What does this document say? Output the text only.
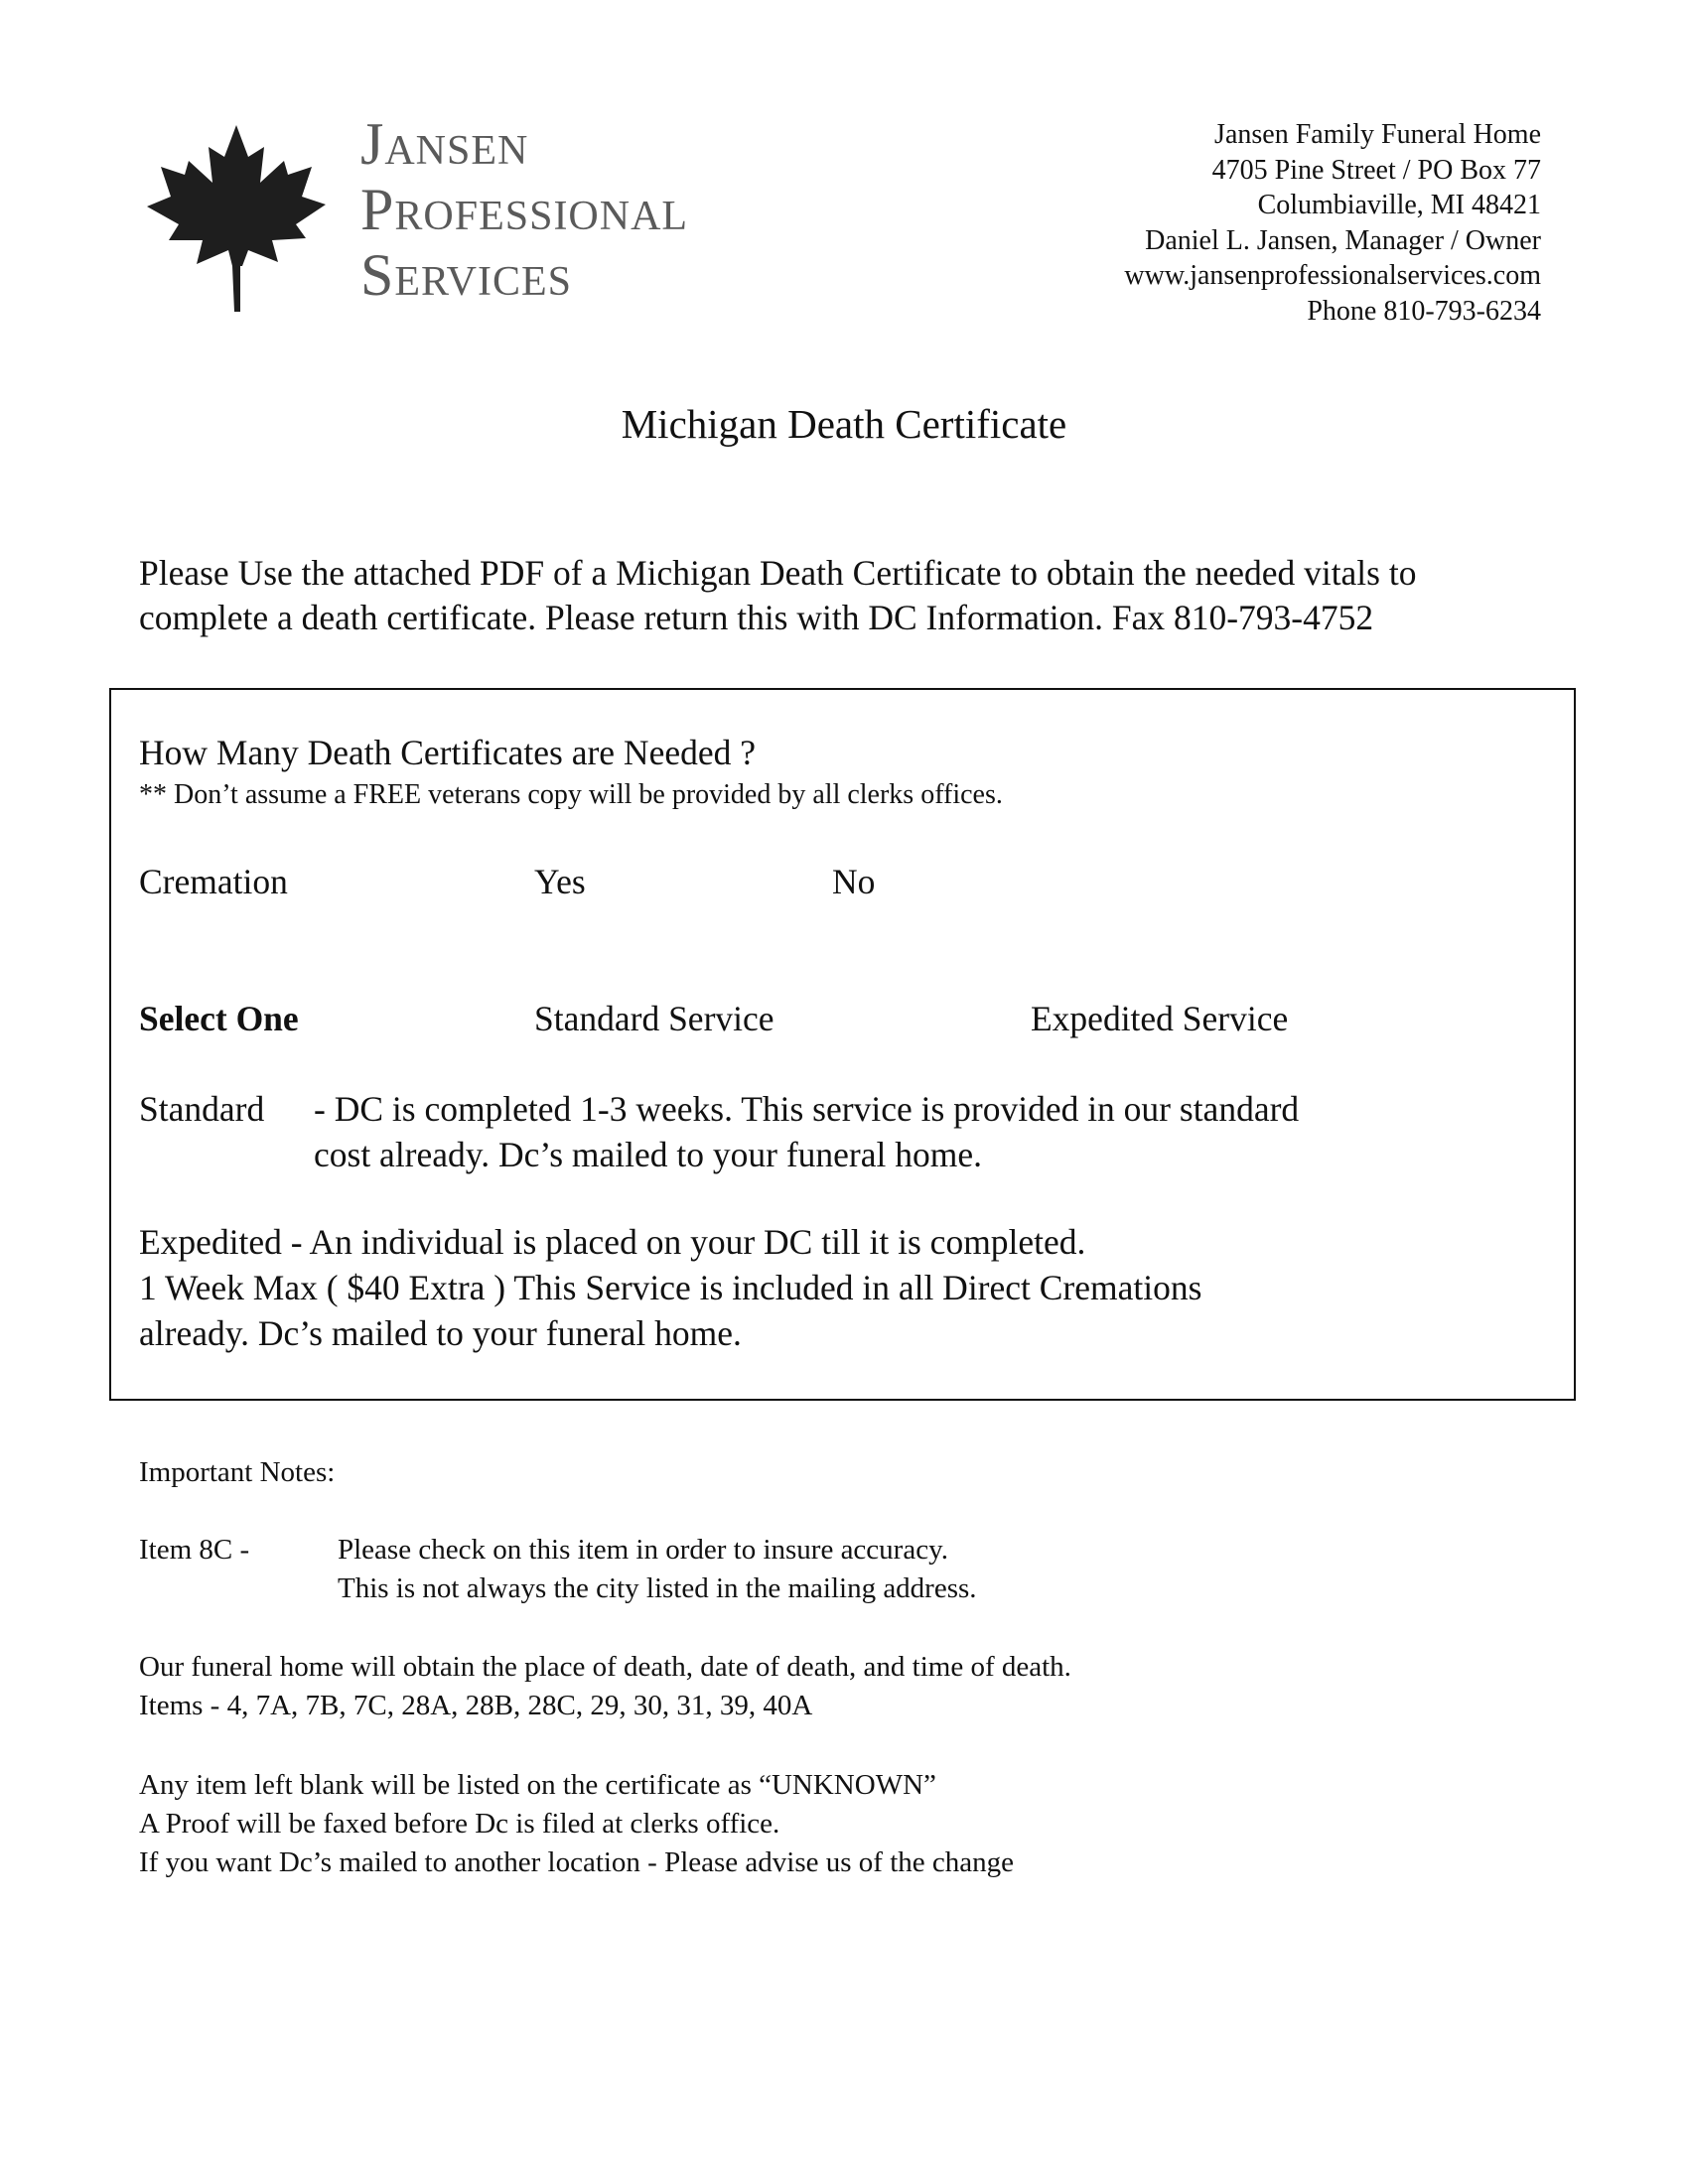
Jansen
Professional
Services
Jansen Family Funeral Home
4705 Pine Street / PO Box 77
Columbiaville, MI 48421
Daniel L. Jansen, Manager / Owner
www.jansenprofessionalservices.com
Phone 810-793-6234
Michigan Death Certificate
Please Use the attached PDF of a Michigan Death Certificate to obtain the needed vitals to
complete a death certificate. Please return this with DC Information. Fax 810-793-4752
How Many Death Certificates are Needed ?
** Don’t assume a FREE veterans copy will be provided by all clerks offices.
Cremation	Yes	No
Select One	Standard Service	Expedited Service
Standard - DC is completed 1-3 weeks. This service is provided in our standard
cost already. Dc’s mailed to your funeral home.
Expedited - An individual is placed on your DC till it is completed.
1 Week Max ( $40 Extra ) This Service is included in all Direct Cremations
already. Dc’s mailed to your funeral home.
Important Notes:
Item 8C -	Please check on this item in order to insure accuracy.
This is not always the city listed in the mailing address.
Our funeral home will obtain the place of death, date of death, and time of death.
Items - 4, 7A, 7B, 7C, 28A, 28B, 28C, 29, 30, 31, 39, 40A
Any item left blank will be listed on the certificate as “UNKNOWN”
A Proof will be faxed before Dc is filed at clerks office.
If you want Dc’s mailed to another location - Please advise us of the change
